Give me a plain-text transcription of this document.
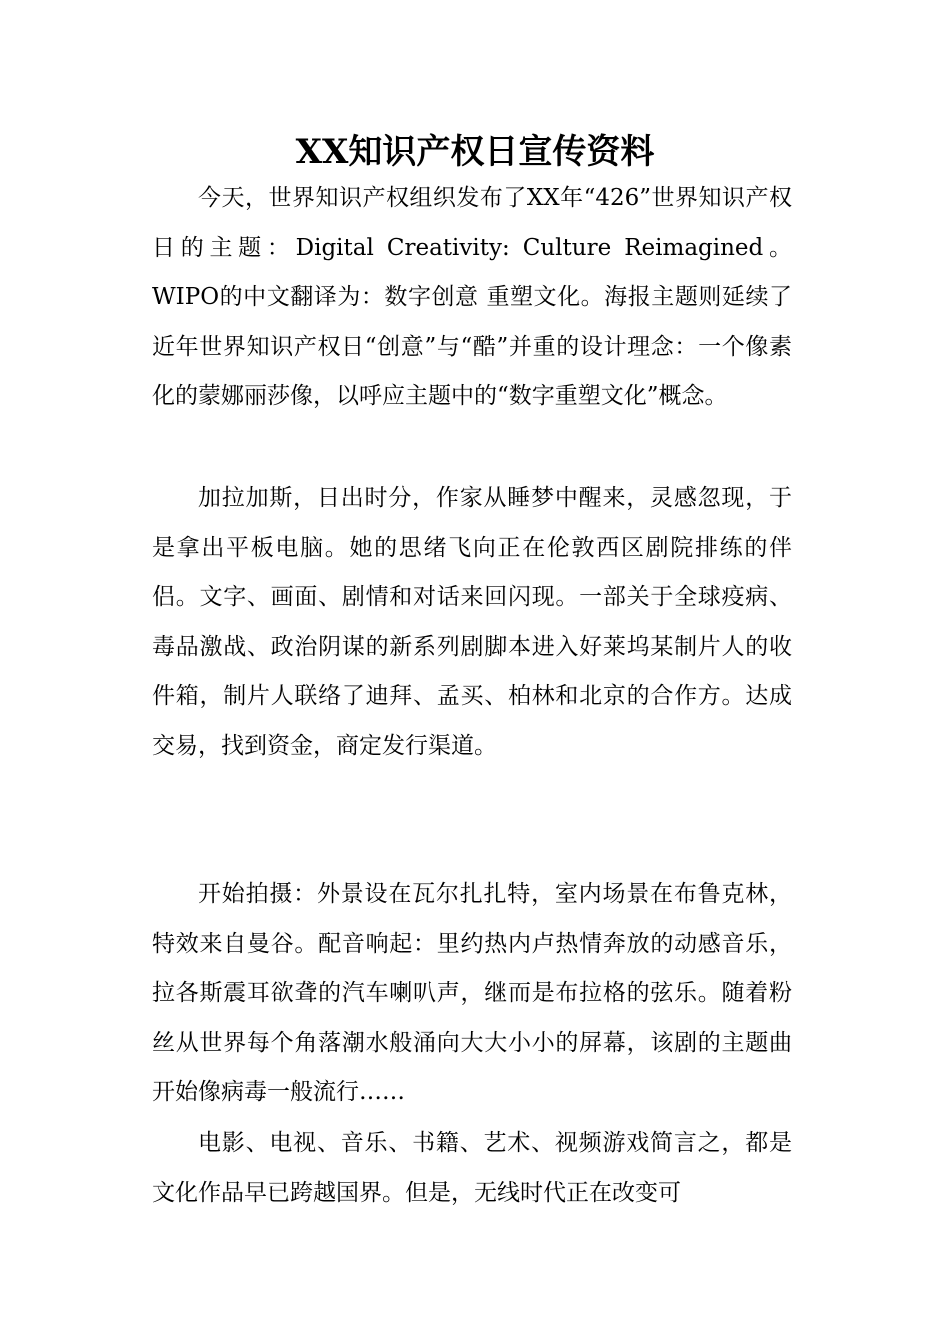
XX知识产权日宣传资料

今天，世界知识产权组织发布了XX年“426”世界知识产权日的主题：Digital Creativity: Culture Reimagined。WIPO的中文翻译为：数字创意 重塑文化。海报主题则延续了近年世界知识产权日“创意”与“酷”并重的设计理念：一个像素化的蒙娜丽莎像，以呼应主题中的“数字重塑文化”概念。

加拉加斯，日出时分，作家从睡梦中醒来，灵感忽现，于是拿出平板电脑。她的思绪飞向正在伦敦西区剧院排练的伴侣。文字、画面、剧情和对话来回闪现。一部关于全球疫病、毒品激战、政治阴谋的新系列剧脚本进入好莱坞某制片人的收件箱，制片人联络了迪拜、孟买、柏林和北京的合作方。达成交易，找到资金，商定发行渠道。

开始拍摄：外景设在瓦尔扎扎特，室内场景在布鲁克林，特效来自曼谷。配音响起：里约热内卢热情奔放的动感音乐，拉各斯震耳欲聋的汽车喇叭声，继而是布拉格的弦乐。随着粉丝从世界每个角落潮水般涌向大大小小的屏幕，该剧的主题曲开始像病毒一般流行……

电影、电视、音乐、书籍、艺术、视频游戏简言之，都是文化作品早已跨越国界。但是，无线时代正在改变可
